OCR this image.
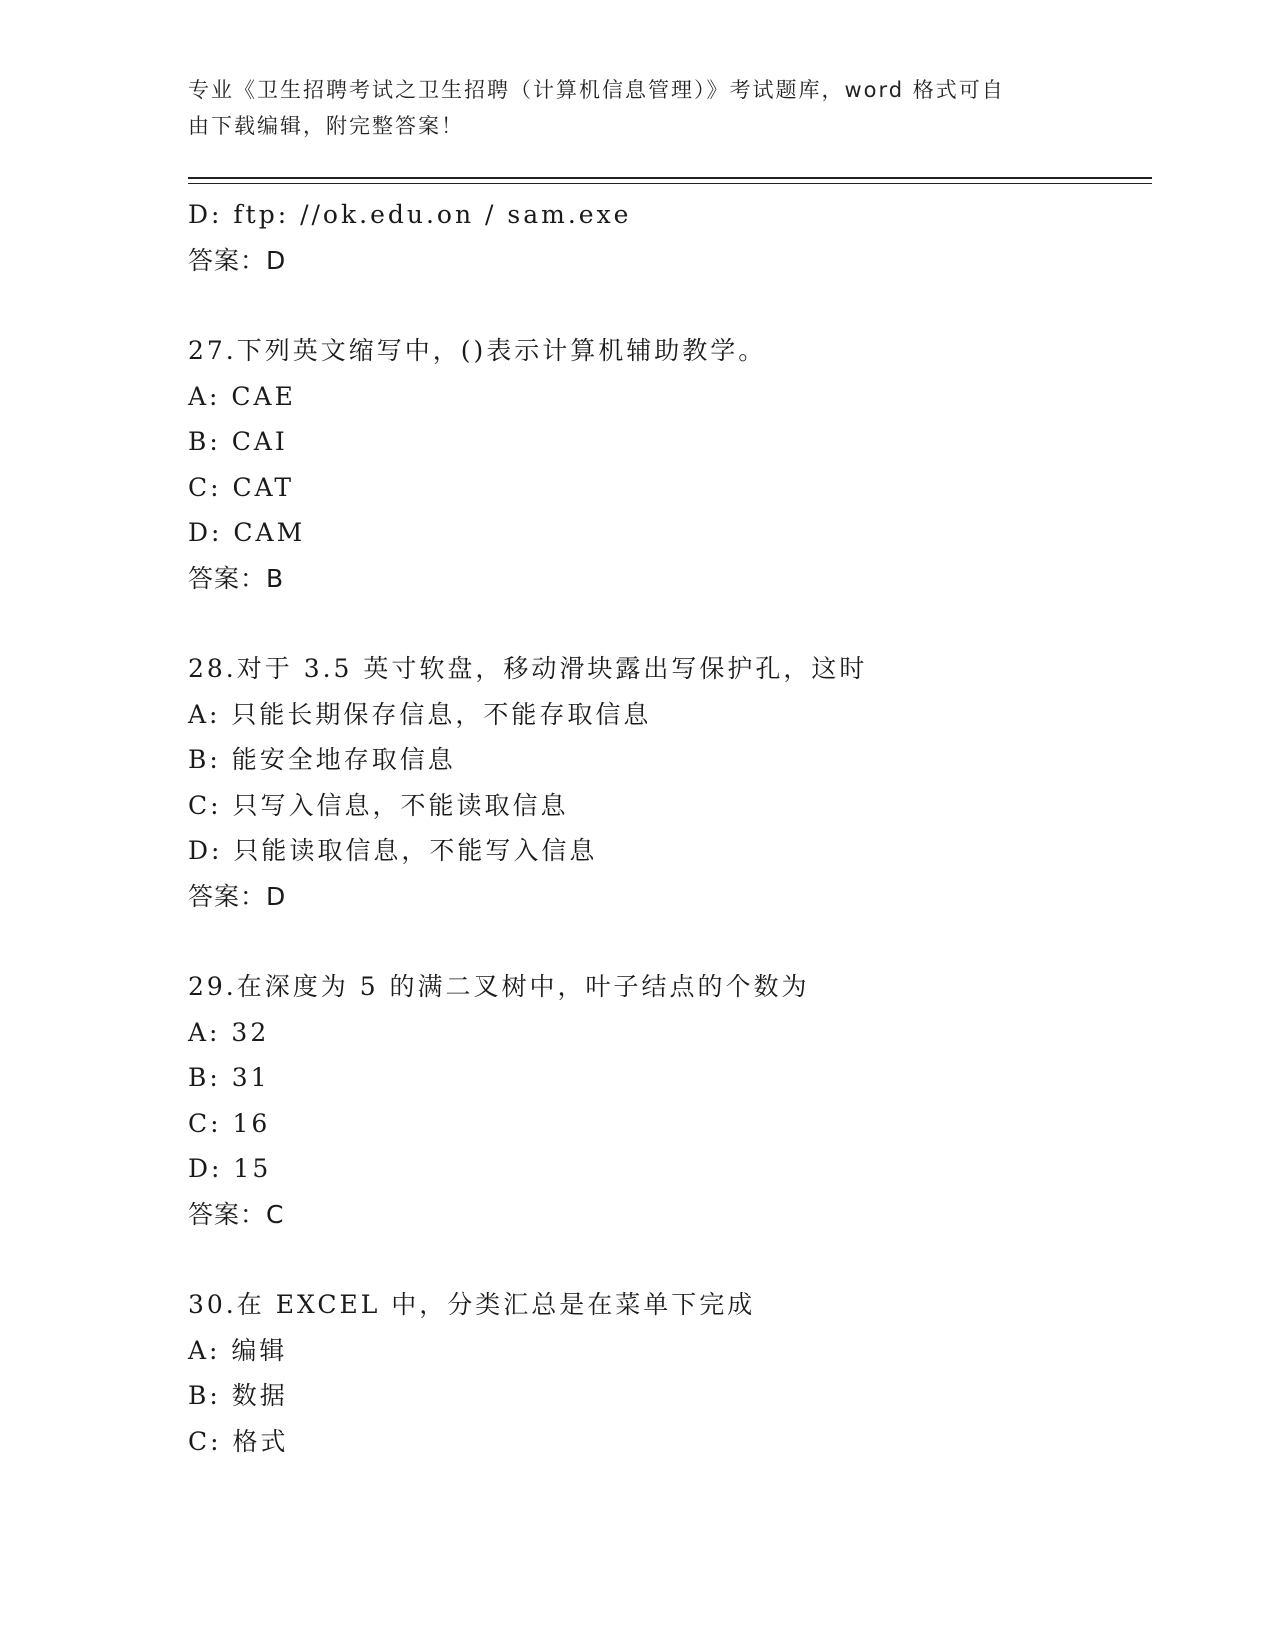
专业《卫生招聘考试之卫生招聘（计算机信息管理）》考试题库，word 格式可自
由下载编辑，附完整答案！
D: ftp: //ok.edu.on / sam.exe
答案：D
27.下列英文缩写中，()表示计算机辅助教学。
A: CAE
B: CAI
C: CAT
D: CAM
答案：B
28.对于 3.5 英寸软盘，移动滑块露出写保护孔，这时
A: 只能长期保存信息，不能存取信息
B: 能安全地存取信息
C: 只写入信息，不能读取信息
D: 只能读取信息，不能写入信息
答案：D
29.在深度为 5 的满二叉树中，叶子结点的个数为
A: 32
B: 31
C: 16
D: 15
答案：C
30.在 EXCEL 中，分类汇总是在菜单下完成
A: 编辑
B: 数据
C: 格式
